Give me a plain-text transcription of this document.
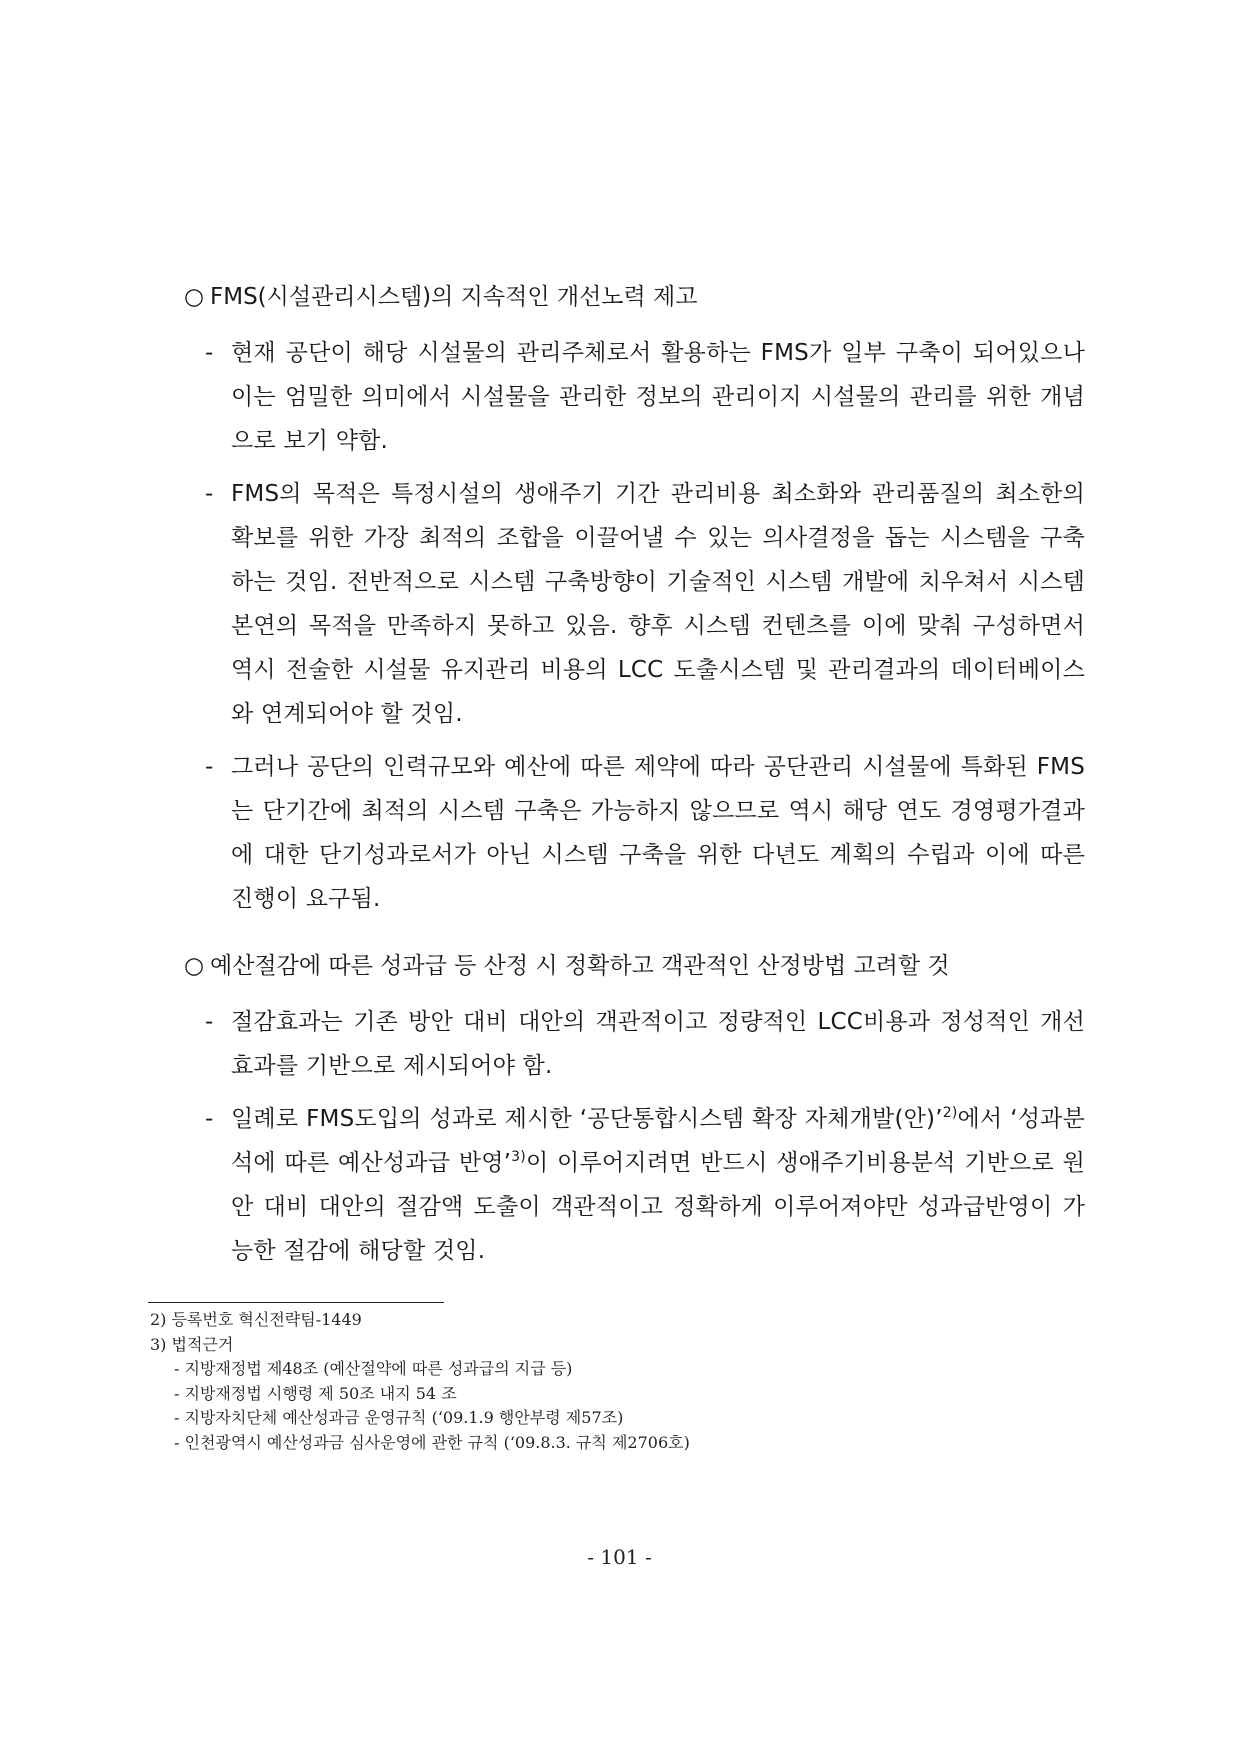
○ FMS(시설관리시스템)의 지속적인 개선노력 제고
- 현재 공단이 해당 시설물의 관리주체로서 활용하는 FMS가 일부 구축이 되어있으나
이는 엄밀한 의미에서 시설물을 관리한 정보의 관리이지 시설물의 관리를 위한 개념
으로 보기 약함.
- FMS의 목적은 특정시설의 생애주기 기간 관리비용 최소화와 관리품질의 최소한의
확보를 위한 가장 최적의 조합을 이끌어낼 수 있는 의사결정을 돕는 시스템을 구축
하는 것임. 전반적으로 시스템 구축방향이 기술적인 시스템 개발에 치우쳐서 시스템
본연의 목적을 만족하지 못하고 있음. 향후 시스템 컨텐츠를 이에 맞춰 구성하면서
역시 전술한 시설물 유지관리 비용의 LCC 도출시스템 및 관리결과의 데이터베이스
와 연계되어야 할 것임.
- 그러나 공단의 인력규모와 예산에 따른 제약에 따라 공단관리 시설물에 특화된 FMS
는 단기간에 최적의 시스템 구축은 가능하지 않으므로 역시 해당 연도 경영평가결과
에 대한 단기성과로서가 아닌 시스템 구축을 위한 다년도 계획의 수립과 이에 따른
진행이 요구됨.
○ 예산절감에 따른 성과급 등 산정 시 정확하고 객관적인 산정방법 고려할 것
- 절감효과는 기존 방안 대비 대안의 객관적이고 정량적인 LCC비용과 정성적인 개선
효과를 기반으로 제시되어야 함.
- 일례로 FMS도입의 성과로 제시한 ‘공단통합시스템 확장 자체개발(안)’$^{2)}$에서 ‘성과분
석에 따른 예산성과급 반영’$^{3)}$이 이루어지려면 반드시 생애주기비용분석 기반으로 원
안 대비 대안의 절감액 도출이 객관적이고 정확하게 이루어져야만 성과급반영이 가
능한 절감에 해당할 것임.
2) 등록번호 혁신전략팀-1449
3) 법적근거
- 지방재정법 제48조 (예산절약에 따른 성과급의 지급 등)
- 지방재정법 시행령 제 50조 내지 54 조
- 지방자치단체 예산성과금 운영규칙 (‘09.1.9 행안부령 제57조)
- 인천광역시 예산성과금 심사운영에 관한 규칙 (‘09.8.3. 규칙 제2706호)
- 101 -
